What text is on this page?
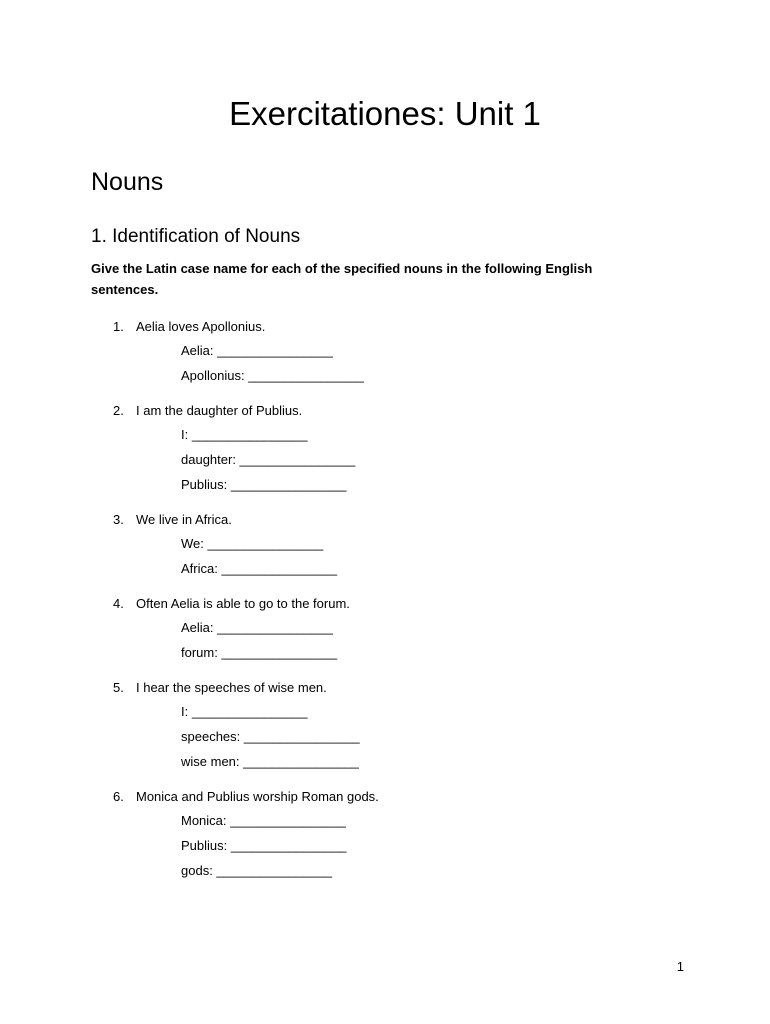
Exercitationes: Unit 1
Nouns
1. Identification of Nouns

Give the Latin case name for each of the specified nouns in the following English sentences.

1. Aelia loves Apollonius.
Aelia: ________________
Apollonius: ________________
2. I am the daughter of Publius.
I: ________________
daughter: ________________
Publius: ________________
3. We live in Africa.
We: ________________
Africa: ________________
4. Often Aelia is able to go to the forum.
Aelia: ________________
forum: ________________
5. I hear the speeches of wise men.
I: ________________
speeches: ________________
wise men: ________________
6. Monica and Publius worship Roman gods.
Monica: ________________
Publius: ________________
gods: ________________
1
